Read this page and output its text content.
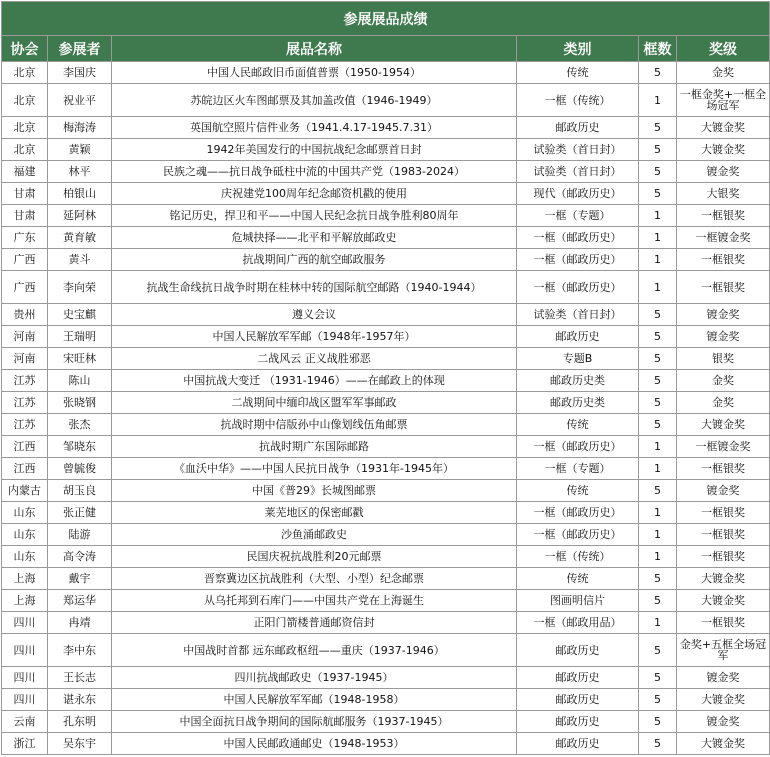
参展展品成绩					
协会	参展者	展品名称	类别	框数	奖级
北京	李国庆	中国人民邮政旧币面值普票（1950-1954）	传统	5	金奖
北京	祝业平	苏皖边区火车图邮票及其加盖改值（1946-1949）	一框（传统）	1	一框金奖+一框全场冠军
北京	梅海涛	英国航空照片信件业务（1941.4.17-1945.7.31）	邮政历史	5	大镀金奖
北京	黄颖	1942年美国发行的中国抗战纪念邮票首日封	试验类（首日封）	5	大镀金奖
福建	林平	民族之魂——抗日战争砥柱中流的中国共产党（1983-2024）	试验类（首日封）	5	镀金奖
甘肃	柏银山	庆祝建党100周年纪念邮资机戳的使用	现代（邮政历史）	5	大银奖
甘肃	延阿林	铭记历史，捍卫和平——中国人民纪念抗日战争胜利80周年	一框（专题）	1	一框银奖
广东	黄育敏	危城抉择——北平和平解放邮政史	一框（邮政历史）	1	一框镀金奖
广西	黄斗	抗战期间广西的航空邮政服务	一框（邮政历史）	1	一框银奖
广西	李向荣	抗战生命线抗日战争时期在桂林中转的国际航空邮路（1940-1944）	一框（邮政历史）	1	一框银奖
贵州	史宝麒	遵义会议	试验类（首日封）	5	镀金奖
河南	王瑞明	中国人民解放军军邮（1948年-1957年）	邮政历史	5	镀金奖
河南	宋旺林	二战风云 正义战胜邪恶	专题B	5	银奖
江苏	陈山	中国抗战大变迁 （1931-1946）——在邮政上的体现	邮政历史类	5	金奖
江苏	张晓钢	二战期间中缅印战区盟军军事邮政	邮政历史类	5	金奖
江苏	张杰	抗战时期中信版孙中山像划线伍角邮票	传统	5	大镀金奖
江西	邹晓东	抗战时期广东国际邮路	一框（邮政历史）	1	一框镀金奖
江西	曾毓俊	《血沃中华》——中国人民抗日战争（1931年-1945年）	一框（专题）	1	一框银奖
内蒙古	胡玉良	中国《普29》长城图邮票	传统	5	镀金奖
山东	张正健	莱芜地区的保密邮戳	一框（邮政历史）	1	一框银奖
山东	陆游	沙鱼涌邮政史	一框（邮政历史）	1	一框银奖
山东	高令涛	民国庆祝抗战胜利20元邮票	一框（传统）	1	一框银奖
上海	戴宇	晋察冀边区抗战胜利（大型、小型）纪念邮票	传统	5	大镀金奖
上海	郑运华	从乌托邦到石库门——中国共产党在上海诞生	图画明信片	5	大镀金奖
四川	冉靖	正阳门箭楼普通邮资信封	一框（邮政用品）	1	一框银奖
四川	李中东	中国战时首都 远东邮政枢纽——重庆（1937-1946）	邮政历史	5	金奖+五框全场冠军
四川	王长志	四川抗战邮政史（1937-1945）	邮政历史	5	镀金奖
四川	谌永东	中国人民解放军军邮（1948-1958）	邮政历史	5	大镀金奖
云南	孔东明	中国全面抗日战争期间的国际航邮服务（1937-1945）	邮政历史	5	镀金奖
浙江	吴东宇	中国人民邮政通邮史（1948-1953）	邮政历史	5	大镀金奖
